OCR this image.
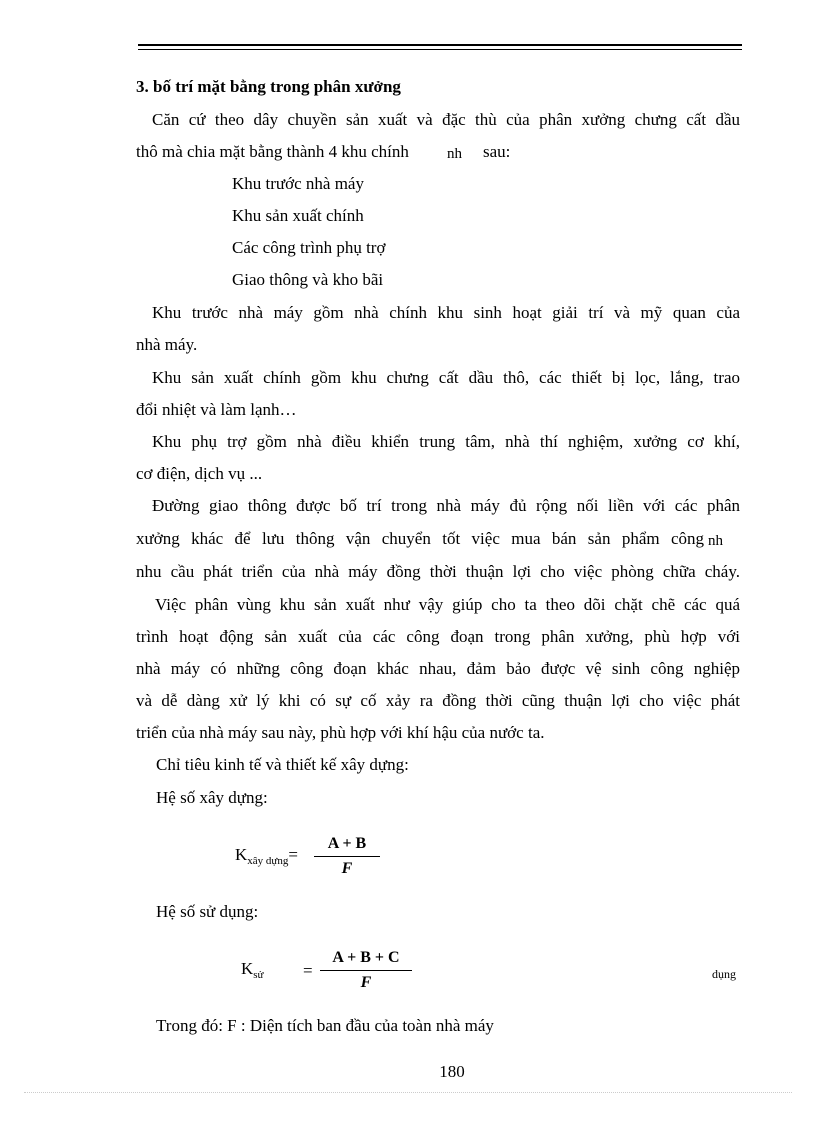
3. bố trí mặt bằng trong phân xưởng
Căn cứ theo dây chuyền sản xuất và đặc thù của phân xưởng chưng cất dầu
thô mà chia mặt bằng thành 4 khu chính	nh sau:
Khu trước nhà máy
Khu sản xuất chính
Các công trình phụ trợ
Giao thông và kho bãi
Khu trước nhà máy gồm nhà chính khu sinh hoạt giải trí và mỹ quan của
nhà máy.
Khu sản xuất chính gồm khu chưng cất dầu thô, các thiết bị lọc, lắng, trao
đổi nhiệt và làm lạnh…
Khu phụ trợ gồm nhà điều khiển trung tâm, nhà thí nghiệm, xưởng cơ khí,
cơ điện, dịch vụ ...
Đường giao thông được bố trí trong nhà máy đủ rộng nối liền với các phân
xưởng khác để lưu thông vận chuyển tốt việc mua bán sản phẩm công nh
nhu cầu phát triển của nhà máy đồng thời thuận lợi cho việc phòng chữa cháy.
Việc phân vùng khu sản xuất như vậy giúp cho ta theo dõi chặt chẽ các quá
trình hoạt động sản xuất của các công đoạn trong phân xưởng, phù hợp với
nhà máy có những công đoạn khác nhau, đảm bảo được vệ sinh công nghiệp
và dễ dàng xử lý khi có sự cố xảy ra đồng thời cũng thuận lợi cho việc phát
triển của nhà máy sau này, phù hợp với khí hậu của nước ta.
Chỉ tiêu kinh tế và thiết kế xây dựng:
Hệ số xây dựng:
$K_{xây dựng}=$
A + B
F
Hệ số sử dụng:
$K_{sử}$ =
A + B + C
F	dụng
Trong đó: F : Diện tích ban đầu của toàn nhà máy
180
